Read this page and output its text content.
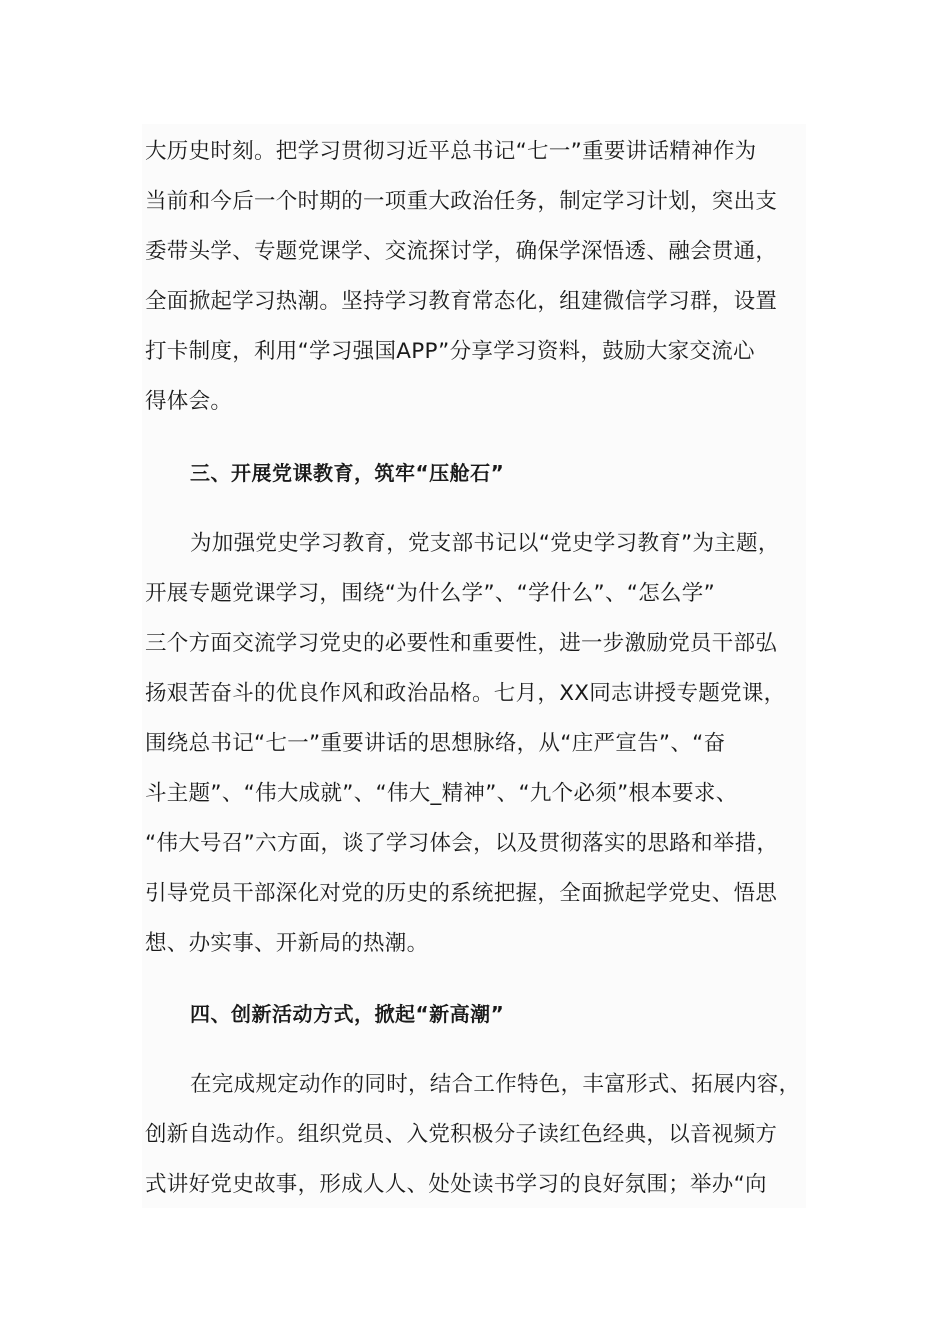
大历史时刻。把学习贯彻习近平总书记“七一”重要讲话精神作为
当前和今后一个时期的一项重大政治任务，制定学习计划，突出支
委带头学、专题党课学、交流探讨学，确保学深悟透、融会贯通，
全面掀起学习热潮。坚持学习教育常态化，组建微信学习群，设置
打卡制度，利用“学习强国APP”分享学习资料，鼓励大家交流心
得体会。
三、开展党课教育，筑牢“压舱石”
为加强党史学习教育，党支部书记以“党史学习教育”为主题，
开展专题党课学习，围绕“为什么学”、“学什么”、“怎么学”
三个方面交流学习党史的必要性和重要性，进一步激励党员干部弘
扬艰苦奋斗的优良作风和政治品格。七月，XX同志讲授专题党课，
围绕总书记“七一”重要讲话的思想脉络，从“庄严宣告”、“奋
斗主题”、“伟大成就”、“伟大_精神”、“九个必须”根本要求、
“伟大号召”六方面，谈了学习体会，以及贯彻落实的思路和举措，
引导党员干部深化对党的历史的系统把握，全面掀起学党史、悟思
想、办实事、开新局的热潮。
四、创新活动方式，掀起“新高潮”
在完成规定动作的同时，结合工作特色，丰富形式、拓展内容，
创新自选动作。组织党员、入党积极分子读红色经典，以音视频方
式讲好党史故事，形成人人、处处读书学习的良好氛围；举办“向
